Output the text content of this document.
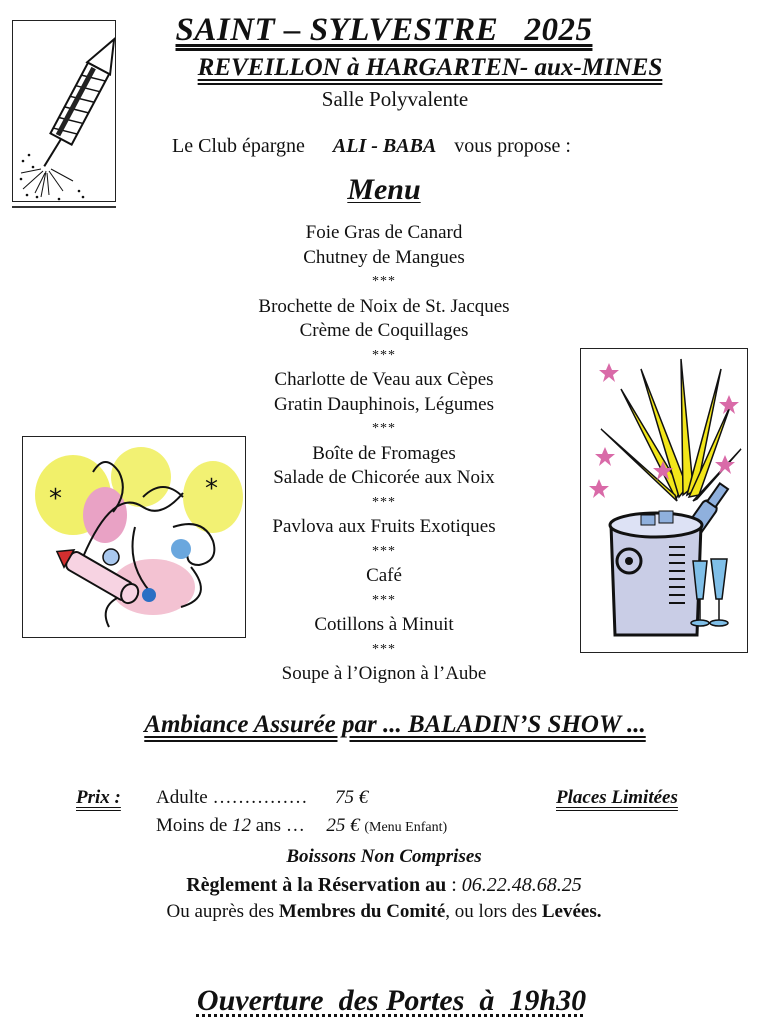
SAINT – SYLVESTRE   2025
REVEILLON à HARGARTEN- aux-MINES
Salle Polyvalente
Le Club épargne ALI - BABA vous propose :
Menu
Foie Gras de Canard
Chutney de Mangues
***
Brochette de Noix de St. Jacques
Crème de Coquillages
***
Charlotte de Veau aux Cèpes
Gratin Dauphinois, Légumes
***
Boîte de Fromages
Salade de Chicorée aux Noix
***
Pavlova aux Fruits Exotiques
***
Café
***
Cotillons à Minuit
***
Soupe à l’Oignon à l’Aube
*	*
Ambiance Assurée par ... BALADIN’S SHOW ...
Prix : Adulte …………… 75 €	Places Limitées
Moins de 12 ans … 25 € (Menu Enfant)
Boissons Non Comprises
Règlement à la Réservation au : 06.22.48.68.25
Ou auprès des Membres du Comité, ou lors des Levées.

Ouverture  des Portes  à  19h30
